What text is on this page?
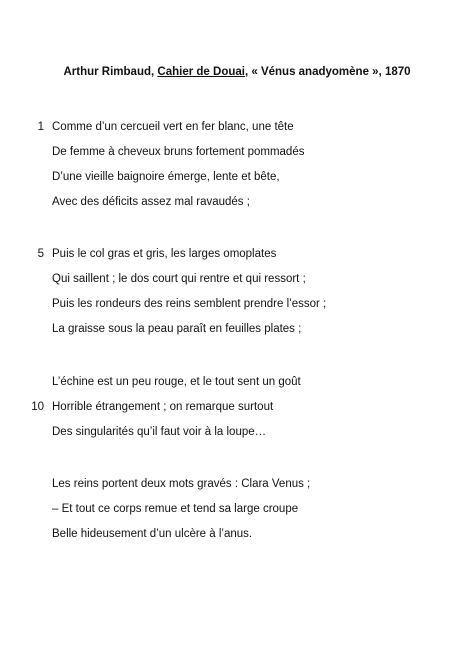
Arthur Rimbaud, Cahier de Douai, « Vénus anadyomène », 1870
1
5
10
Comme d’un cercueil vert en fer blanc, une tête
De femme à cheveux bruns fortement pommadés
D’une vieille baignoire émerge, lente et bête,
Avec des déficits assez mal ravaudés ;
Puis le col gras et gris, les larges omoplates
Qui saillent ; le dos court qui rentre et qui ressort ;
Puis les rondeurs des reins semblent prendre l’essor ;
La graisse sous la peau paraît en feuilles plates ;
L’échine est un peu rouge, et le tout sent un goût
Horrible étrangement ; on remarque surtout
Des singularités qu’il faut voir à la loupe…
Les reins portent deux mots gravés : Clara Venus ;
– Et tout ce corps remue et tend sa large croupe
Belle hideusement d’un ulcère à l’anus.
